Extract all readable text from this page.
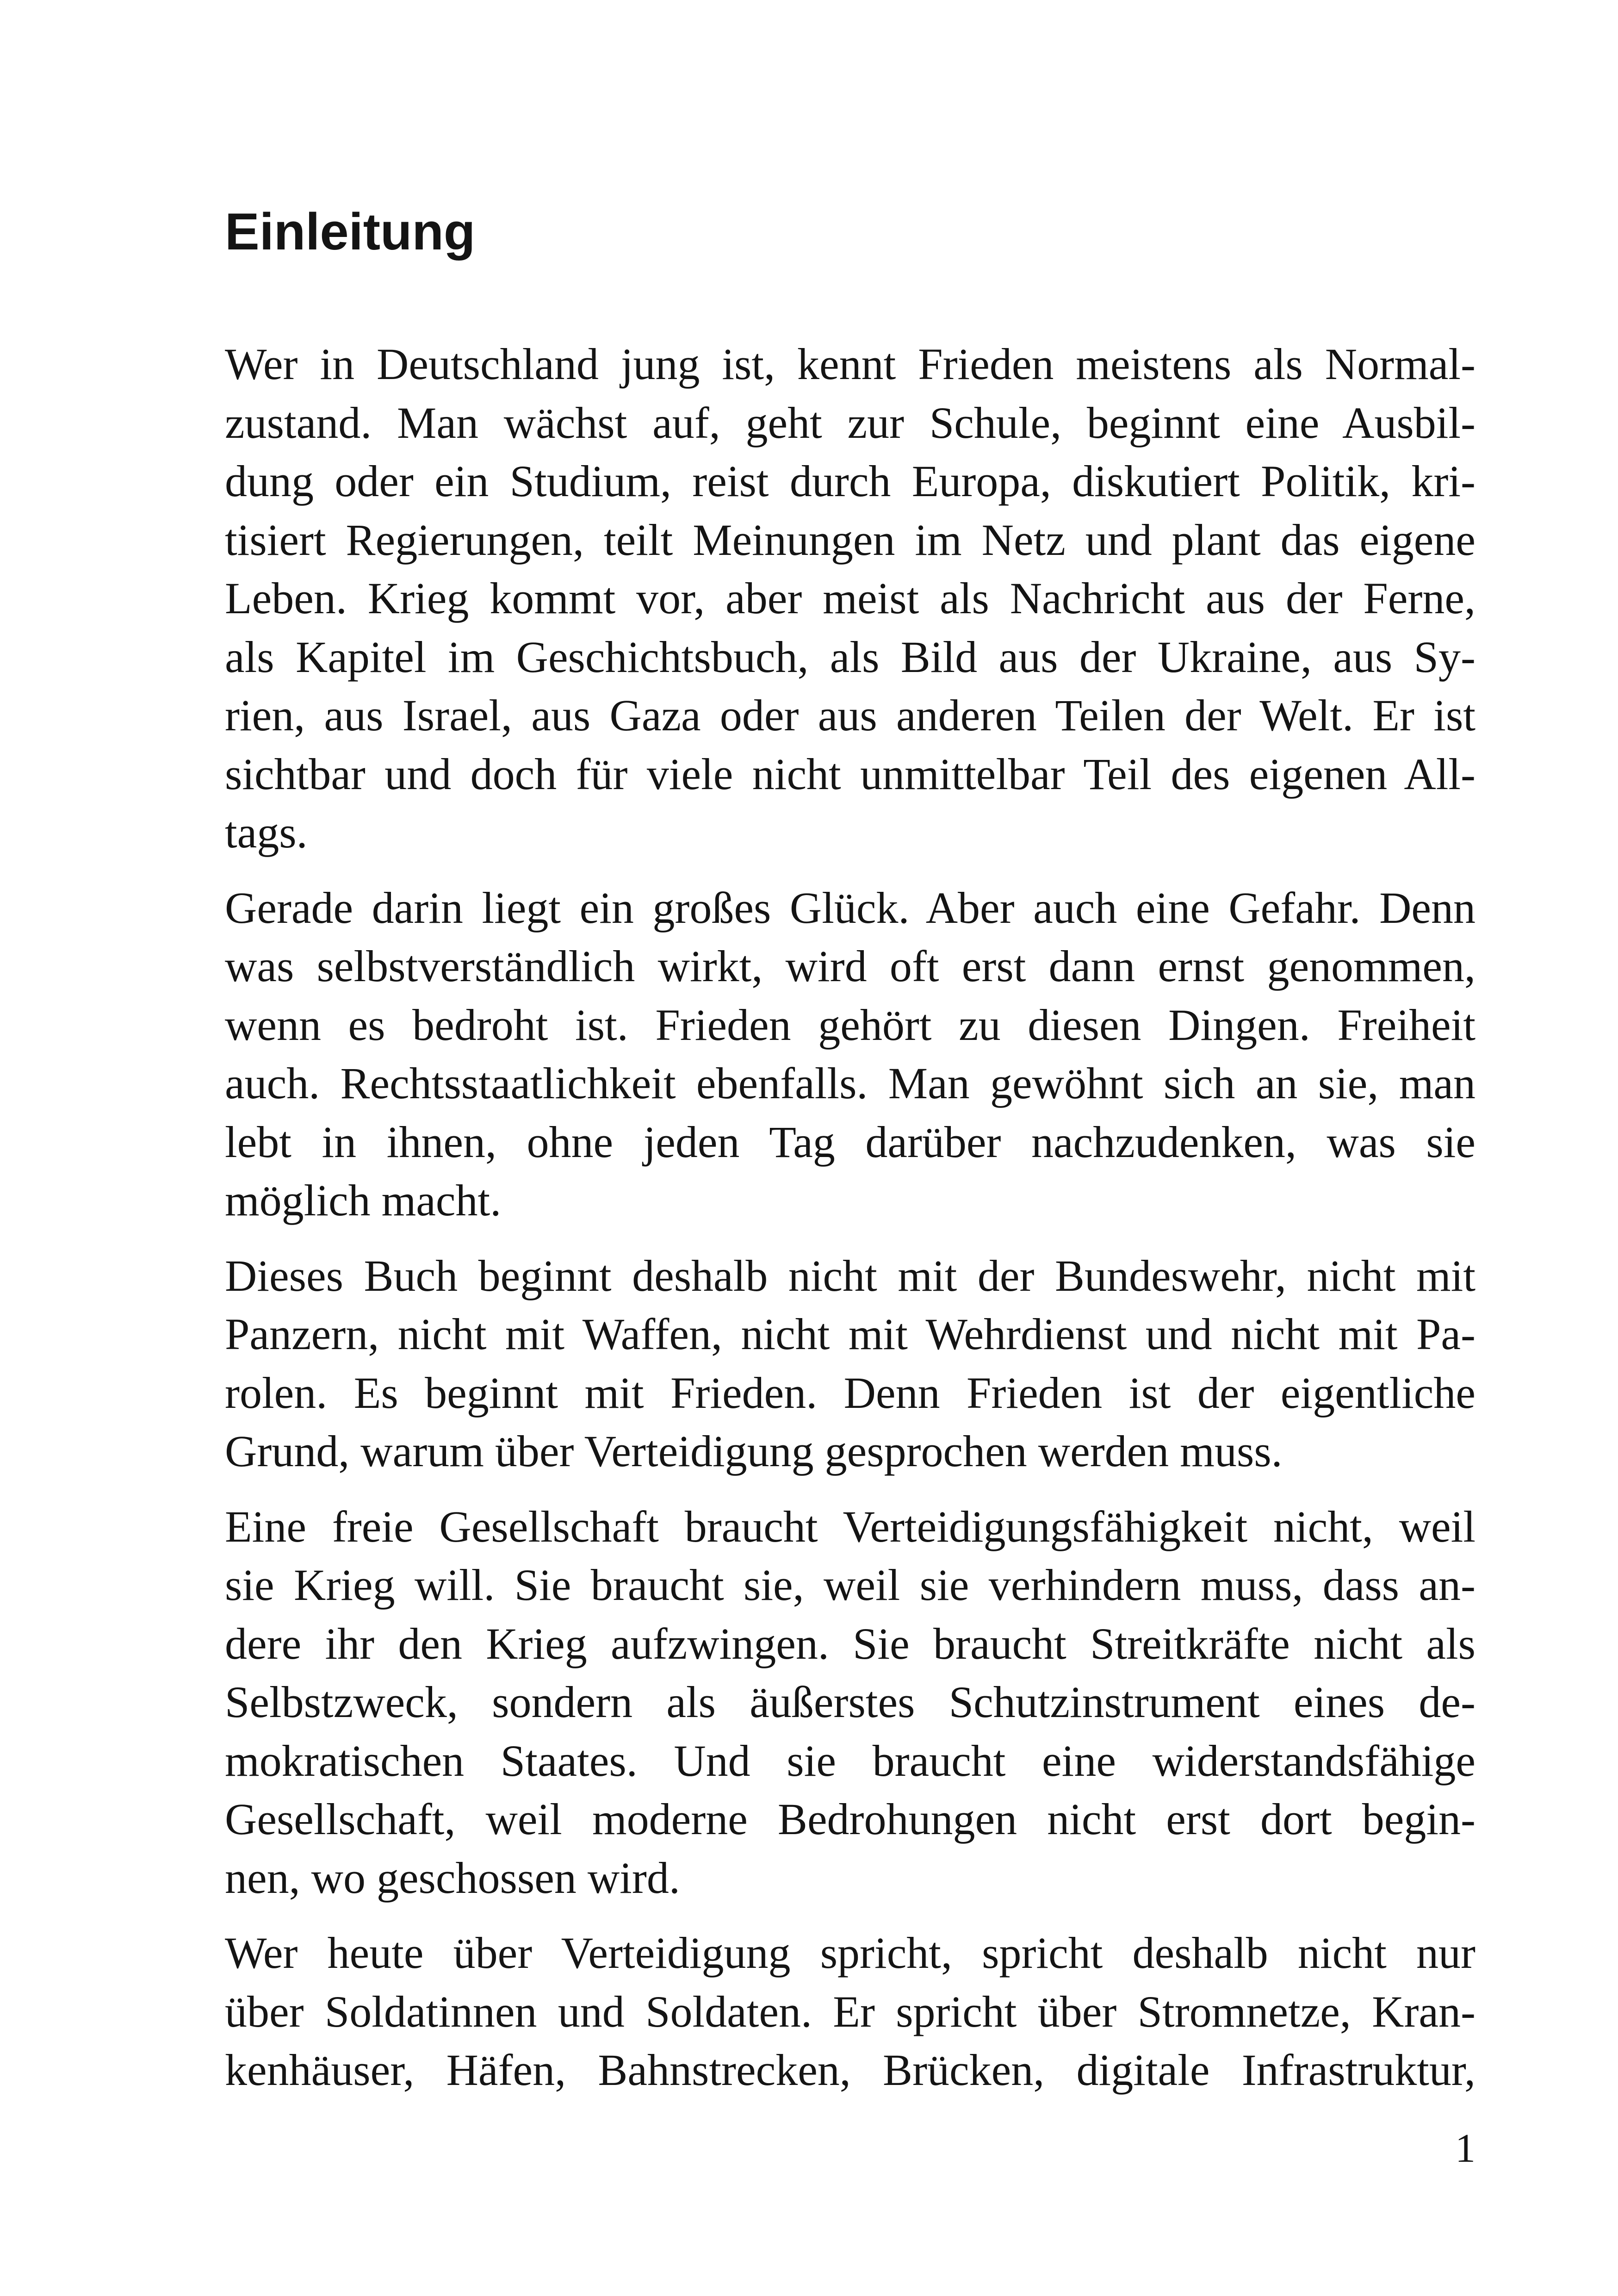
Einleitung

Wer in Deutschland jung ist, kennt Frieden meistens als Normal-
zustand. Man wächst auf, geht zur Schule, beginnt eine Ausbil-
dung oder ein Studium, reist durch Europa, diskutiert Politik, kri-
tisiert Regierungen, teilt Meinungen im Netz und plant das eigene
Leben. Krieg kommt vor, aber meist als Nachricht aus der Ferne,
als Kapitel im Geschichtsbuch, als Bild aus der Ukraine, aus Sy-
rien, aus Israel, aus Gaza oder aus anderen Teilen der Welt. Er ist
sichtbar und doch für viele nicht unmittelbar Teil des eigenen All-
tags.

Gerade darin liegt ein großes Glück. Aber auch eine Gefahr. Denn
was selbstverständlich wirkt, wird oft erst dann ernst genommen,
wenn es bedroht ist. Frieden gehört zu diesen Dingen. Freiheit
auch. Rechtsstaatlichkeit ebenfalls. Man gewöhnt sich an sie, man
lebt in ihnen, ohne jeden Tag darüber nachzudenken, was sie
möglich macht.

Dieses Buch beginnt deshalb nicht mit der Bundeswehr, nicht mit
Panzern, nicht mit Waffen, nicht mit Wehrdienst und nicht mit Pa-
rolen. Es beginnt mit Frieden. Denn Frieden ist der eigentliche
Grund, warum über Verteidigung gesprochen werden muss.

Eine freie Gesellschaft braucht Verteidigungsfähigkeit nicht, weil
sie Krieg will. Sie braucht sie, weil sie verhindern muss, dass an-
dere ihr den Krieg aufzwingen. Sie braucht Streitkräfte nicht als
Selbstzweck, sondern als äußerstes Schutzinstrument eines de-
mokratischen Staates. Und sie braucht eine widerstandsfähige
Gesellschaft, weil moderne Bedrohungen nicht erst dort begin-
nen, wo geschossen wird.

Wer heute über Verteidigung spricht, spricht deshalb nicht nur
über Soldatinnen und Soldaten. Er spricht über Stromnetze, Kran-
kenhäuser, Häfen, Bahnstrecken, Brücken, digitale Infrastruktur,

1
